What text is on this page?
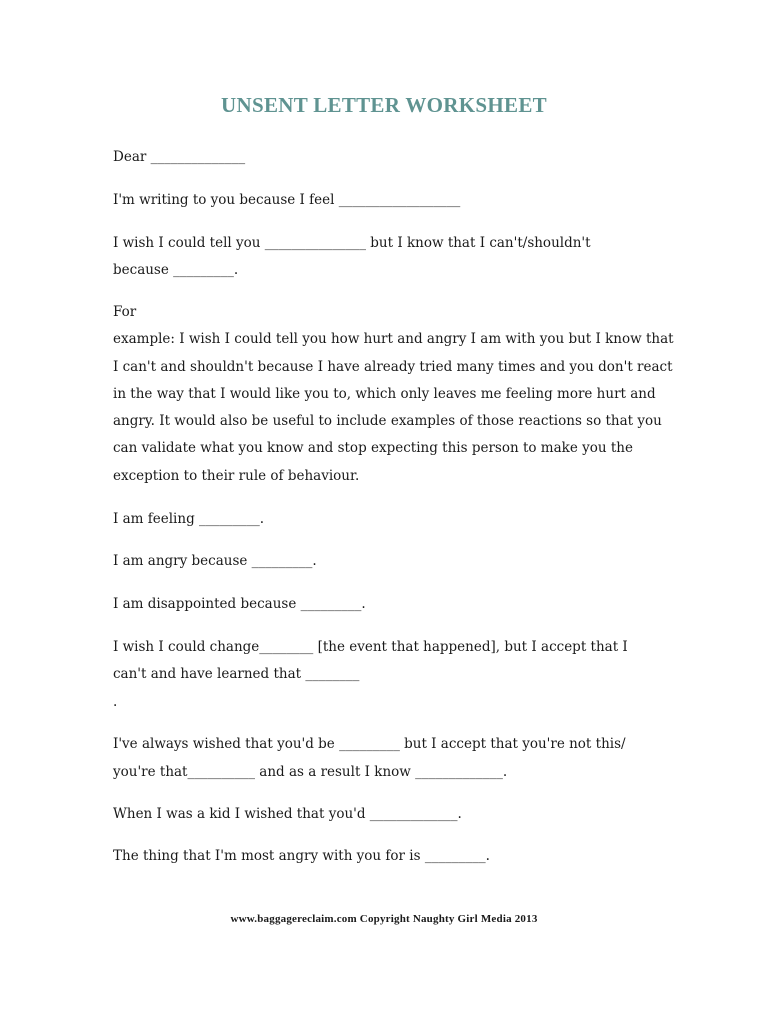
UNSENT LETTER WORKSHEET

Dear ______________

I'm writing to you because I feel __________________

I wish I could tell you _______________ but I know that I can't/shouldn't

because _________.

For

example: I wish I could tell you how hurt and angry I am with you but I know that

I can't and shouldn't because I have already tried many times and you don't react

in the way that I would like you to, which only leaves me feeling more hurt and

angry. It would also be useful to include examples of those reactions so that you

can validate what you know and stop expecting this person to make you the

exception to their rule of behaviour.

I am feeling _________.

I am angry because _________.

I am disappointed because _________.

I wish I could change________ [the event that happened], but I accept that I

can't and have learned that ________

.

I've always wished that you'd be _________ but I accept that you're not this/

you're that__________ and as a result I know _____________.

When I was a kid I wished that you'd _____________.

The thing that I'm most angry with you for is _________.

www.baggagereclaim.com Copyright Naughty Girl Media 2013
